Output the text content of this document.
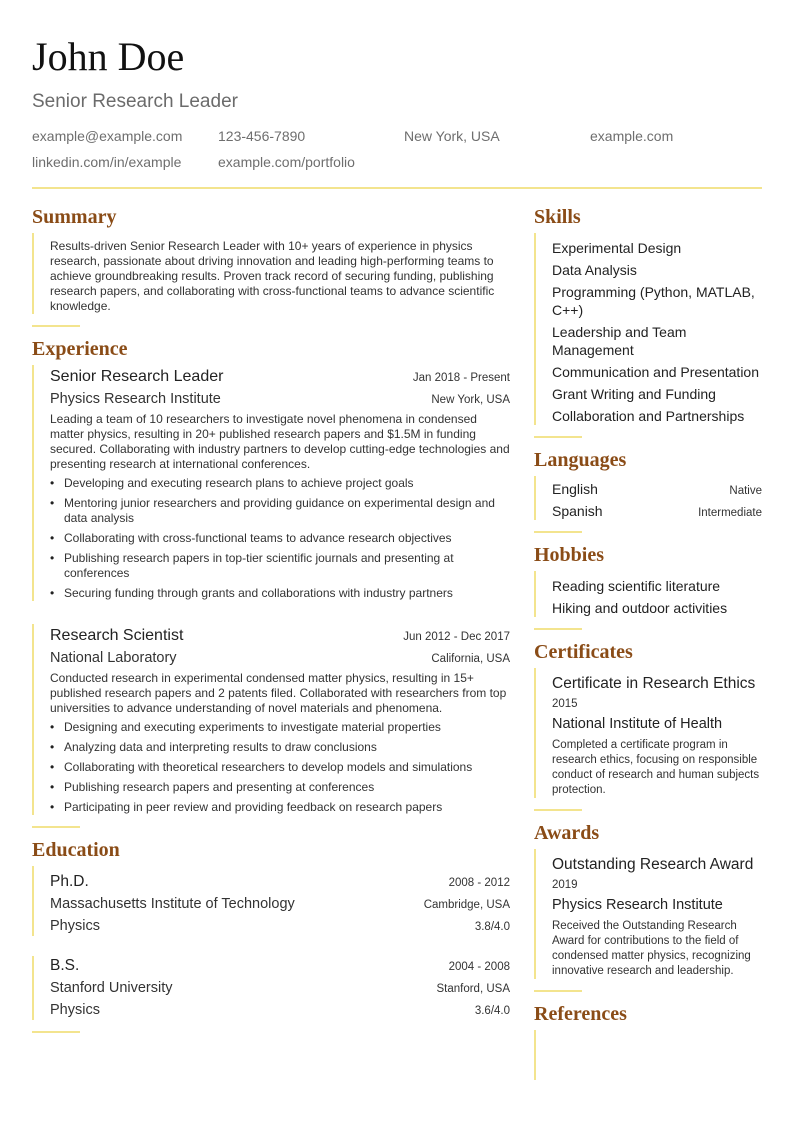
John Doe
Senior Research Leader
example@example.com	123-456-7890	New York, USA	example.com
linkedin.com/in/example	example.com/portfolio
Summary
Results-driven Senior Research Leader with 10+ years of experience in physics research, passionate about driving innovation and leading high-performing teams to achieve groundbreaking results. Proven track record of securing funding, publishing research papers, and collaborating with cross-functional teams to advance scientific knowledge.
Experience
Senior Research Leader	Jan 2018 - Present
Physics Research Institute	New York, USA
Leading a team of 10 researchers to investigate novel phenomena in condensed matter physics, resulting in 20+ published research papers and $1.5M in funding secured. Collaborating with industry partners to develop cutting-edge technologies and presenting research at international conferences.
• Developing and executing research plans to achieve project goals
• Mentoring junior researchers and providing guidance on experimental design and data analysis
• Collaborating with cross-functional teams to advance research objectives
• Publishing research papers in top-tier scientific journals and presenting at conferences
• Securing funding through grants and collaborations with industry partners
Research Scientist	Jun 2012 - Dec 2017
National Laboratory	California, USA
Conducted research in experimental condensed matter physics, resulting in 15+ published research papers and 2 patents filed. Collaborated with researchers from top universities to advance understanding of novel materials and phenomena.
• Designing and executing experiments to investigate material properties
• Analyzing data and interpreting results to draw conclusions
• Collaborating with theoretical researchers to develop models and simulations
• Publishing research papers and presenting at conferences
• Participating in peer review and providing feedback on research papers
Education
Ph.D.	2008 - 2012
Massachusetts Institute of Technology	Cambridge, USA
Physics	3.8/4.0
B.S.	2004 - 2008
Stanford University	Stanford, USA
Physics	3.6/4.0
Skills
Experimental Design
Data Analysis
Programming (Python, MATLAB, C++)
Leadership and Team Management
Communication and Presentation
Grant Writing and Funding
Collaboration and Partnerships
Languages
English	Native
Spanish	Intermediate
Hobbies
Reading scientific literature
Hiking and outdoor activities
Certificates
Certificate in Research Ethics
2015
National Institute of Health
Completed a certificate program in research ethics, focusing on responsible conduct of research and human subjects protection.
Awards
Outstanding Research Award
2019
Physics Research Institute
Received the Outstanding Research Award for contributions to the field of condensed matter physics, recognizing innovative research and leadership.
References
